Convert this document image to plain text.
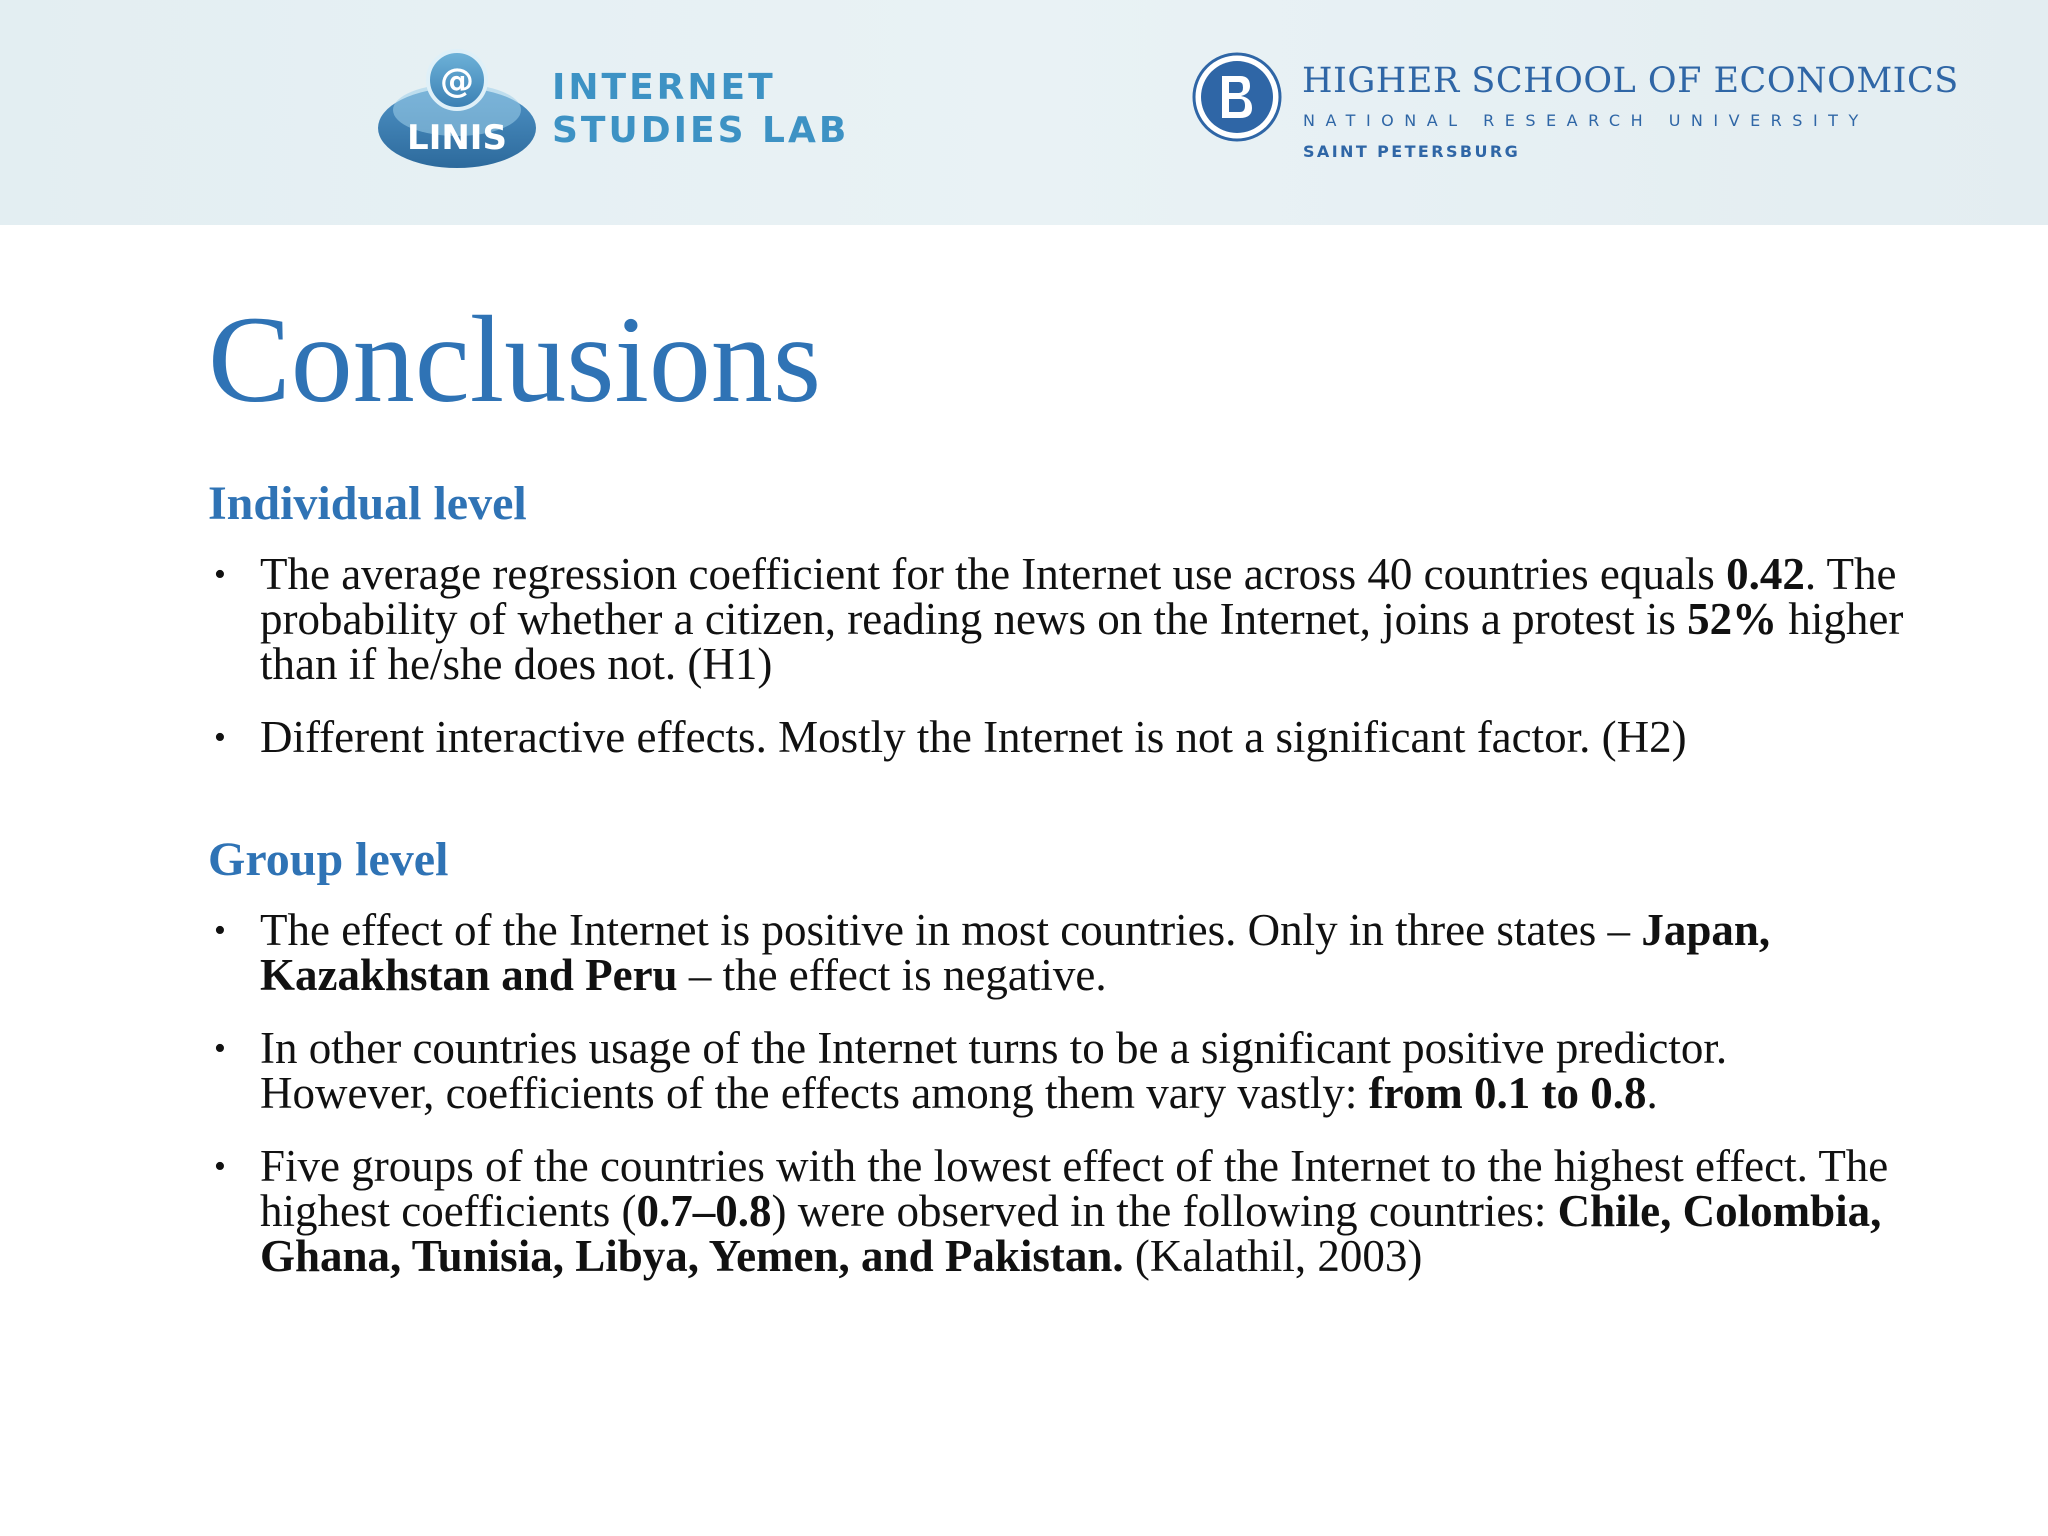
@
LINIS
INTERNET
STUDIES LAB
HIGHER SCHOOL OF ECONOMICS
NATIONAL RESEARCH UNIVERSITY
SAINT PETERSBURG
Conclusions
Individual level
• The average regression coefficient for the Internet use across 40 countries equals 0.42. The probability of whether a citizen, reading news on the Internet, joins a protest is 52% higher than if he/she does not. (H1)
• Different interactive effects. Mostly the Internet is not a significant factor. (H2)
Group level
• The effect of the Internet is positive in most countries. Only in three states – Japan, Kazakhstan and Peru – the effect is negative.
• In other countries usage of the Internet turns to be a significant positive predictor. However, coefficients of the effects among them vary vastly: from 0.1 to 0.8.
• Five groups of the countries with the lowest effect of the Internet to the highest effect. The highest coefficients (0.7–0.8) were observed in the following countries: Chile, Colombia, Ghana, Tunisia, Libya, Yemen, and Pakistan. (Kalathil, 2003)
